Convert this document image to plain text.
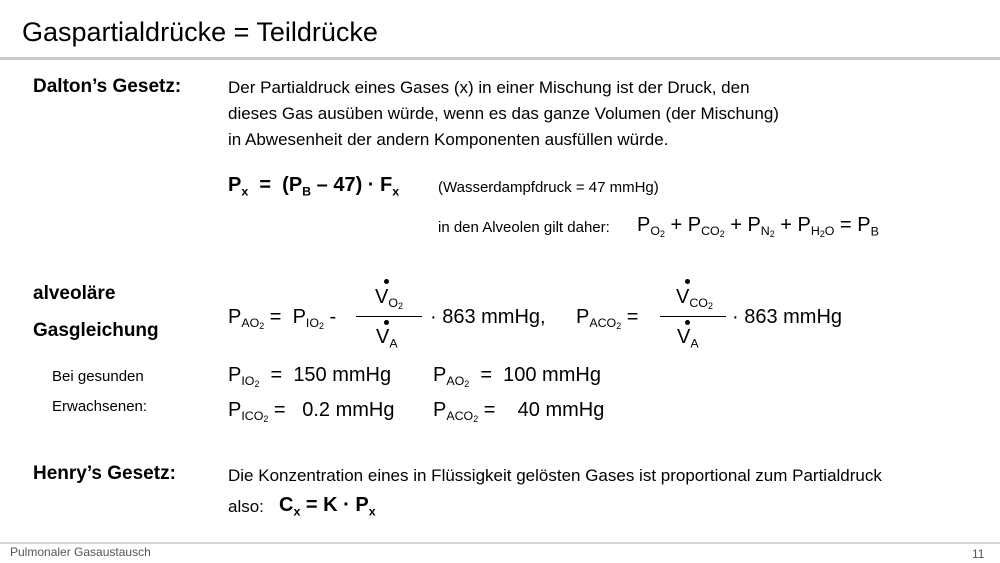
Gaspartialdrücke = Teildrücke
Dalton’s Gesetz:	Der Partialdruck eines Gases (x) in einer Mischung ist der Druck, den
dieses Gas ausüben würde, wenn es das ganze Volumen (der Mischung)
in Abwesenheit der andern Komponenten ausfüllen würde.
$P_x = (P_B - 47) \cdot F_x$	(Wasserdampfdruck = 47 mmHg)
in den Alveolen gilt daher: $P_{O2} + P_{CO2} + P_{N2} + P_{H2O} = P_B$
alveoläre
Gasgleichung
$P_{AO2} = P_{IO2}$ -
$V_{O2}$
$V_A$
· 863 mmHg, $P_{ACO2}$ =
$V_{CO2}$
$V_A$
· 863 mmHg
Bei gesunden
Erwachsenen:
$P_{IO2} = 150$ mmHg $P_{AO2} = 100$ mmHg
$P_{ICO2} = 0.2$ mmHg $P_{ACO2}$ =    40 mmHg
Henry’s Gesetz:	Die Konzentration eines in Flüssigkeit gelösten Gases ist proportional zum Partialdruck
also: $C_x = K \cdot P_x$
Pulmonaler Gasaustausch	11
